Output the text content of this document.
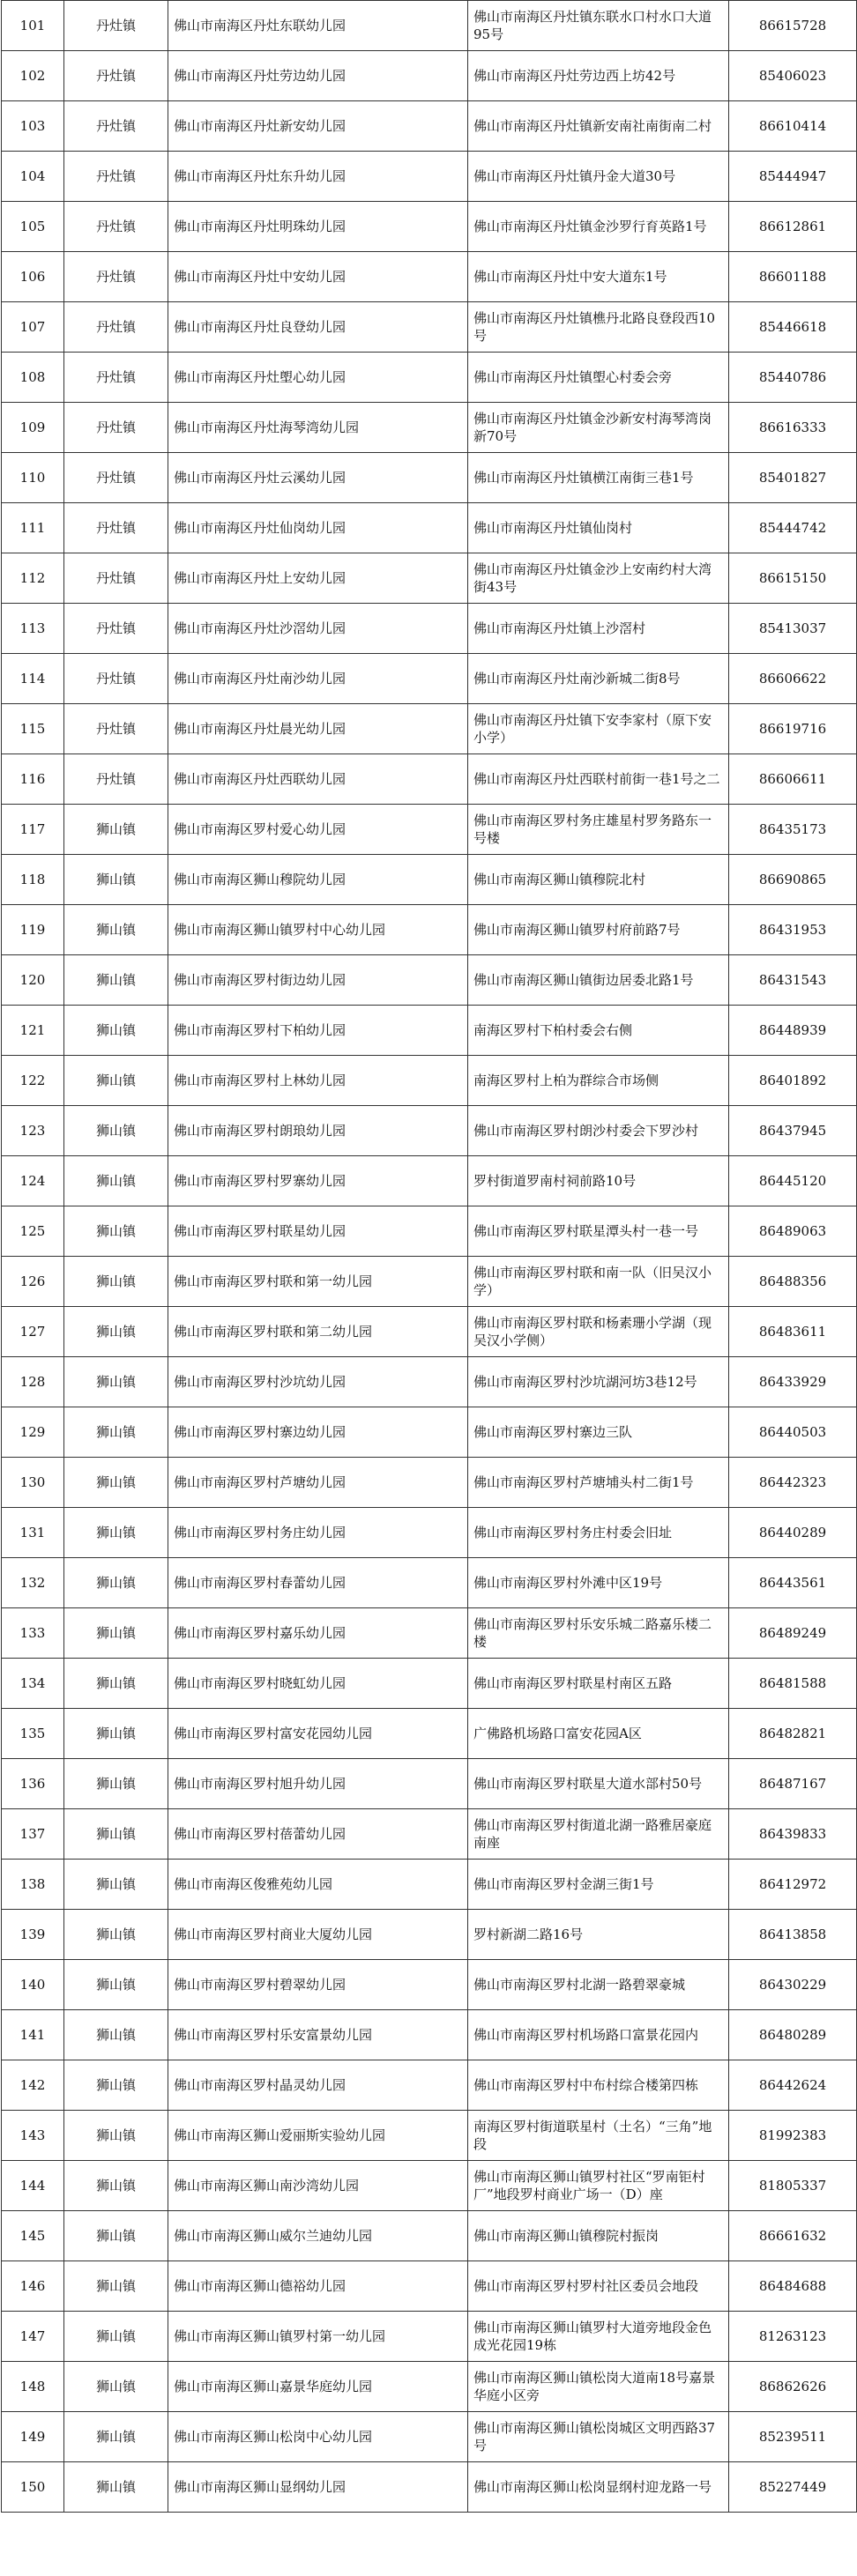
101	丹灶镇	佛山市南海区丹灶东联幼儿园	佛山市南海区丹灶镇东联水口村水口大道95号	86615728
102	丹灶镇	佛山市南海区丹灶劳边幼儿园	佛山市南海区丹灶劳边西上坊42号	85406023
103	丹灶镇	佛山市南海区丹灶新安幼儿园	佛山市南海区丹灶镇新安南社南街南二村	86610414
104	丹灶镇	佛山市南海区丹灶东升幼儿园	佛山市南海区丹灶镇丹金大道30号	85444947
105	丹灶镇	佛山市南海区丹灶明珠幼儿园	佛山市南海区丹灶镇金沙罗行育英路1号	86612861
106	丹灶镇	佛山市南海区丹灶中安幼儿园	佛山市南海区丹灶中安大道东1号	86601188
107	丹灶镇	佛山市南海区丹灶良登幼儿园	佛山市南海区丹灶镇樵丹北路良登段西10号	85446618
108	丹灶镇	佛山市南海区丹灶塱心幼儿园	佛山市南海区丹灶镇塱心村委会旁	85440786
109	丹灶镇	佛山市南海区丹灶海琴湾幼儿园	佛山市南海区丹灶镇金沙新安村海琴湾岗新70号	86616333
110	丹灶镇	佛山市南海区丹灶云溪幼儿园	佛山市南海区丹灶镇横江南街三巷1号	85401827
111	丹灶镇	佛山市南海区丹灶仙岗幼儿园	佛山市南海区丹灶镇仙岗村	85444742
112	丹灶镇	佛山市南海区丹灶上安幼儿园	佛山市南海区丹灶镇金沙上安南约村大湾街43号	86615150
113	丹灶镇	佛山市南海区丹灶沙滘幼儿园	佛山市南海区丹灶镇上沙滘村	85413037
114	丹灶镇	佛山市南海区丹灶南沙幼儿园	佛山市南海区丹灶南沙新城二街8号	86606622
115	丹灶镇	佛山市南海区丹灶晨光幼儿园	佛山市南海区丹灶镇下安李家村（原下安小学）	86619716
116	丹灶镇	佛山市南海区丹灶西联幼儿园	佛山市南海区丹灶西联村前街一巷1号之二	86606611
117	狮山镇	佛山市南海区罗村爱心幼儿园	佛山市南海区罗村务庄雄星村罗务路东一号楼	86435173
118	狮山镇	佛山市南海区狮山穆院幼儿园	佛山市南海区狮山镇穆院北村	86690865
119	狮山镇	佛山市南海区狮山镇罗村中心幼儿园	佛山市南海区狮山镇罗村府前路7号	86431953
120	狮山镇	佛山市南海区罗村街边幼儿园	佛山市南海区狮山镇街边居委北路1号	86431543
121	狮山镇	佛山市南海区罗村下柏幼儿园	南海区罗村下柏村委会右侧	86448939
122	狮山镇	佛山市南海区罗村上林幼儿园	南海区罗村上柏为群综合市场侧	86401892
123	狮山镇	佛山市南海区罗村朗琅幼儿园	佛山市南海区罗村朗沙村委会下罗沙村	86437945
124	狮山镇	佛山市南海区罗村罗寨幼儿园	罗村街道罗南村祠前路10号	86445120
125	狮山镇	佛山市南海区罗村联星幼儿园	佛山市南海区罗村联星潭头村一巷一号	86489063
126	狮山镇	佛山市南海区罗村联和第一幼儿园	佛山市南海区罗村联和南一队（旧吴汉小学）	86488356
127	狮山镇	佛山市南海区罗村联和第二幼儿园	佛山市南海区罗村联和杨素珊小学湖（现吴汉小学侧）	86483611
128	狮山镇	佛山市南海区罗村沙坑幼儿园	佛山市南海区罗村沙坑湖河坊3巷12号	86433929
129	狮山镇	佛山市南海区罗村寨边幼儿园	佛山市南海区罗村寨边三队	86440503
130	狮山镇	佛山市南海区罗村芦塘幼儿园	佛山市南海区罗村芦塘埔头村二街1号	86442323
131	狮山镇	佛山市南海区罗村务庄幼儿园	佛山市南海区罗村务庄村委会旧址	86440289
132	狮山镇	佛山市南海区罗村春蕾幼儿园	佛山市南海区罗村外滩中区19号	86443561
133	狮山镇	佛山市南海区罗村嘉乐幼儿园	佛山市南海区罗村乐安乐城二路嘉乐楼二楼	86489249
134	狮山镇	佛山市南海区罗村晓虹幼儿园	佛山市南海区罗村联星村南区五路	86481588
135	狮山镇	佛山市南海区罗村富安花园幼儿园	广佛路机场路口富安花园A区	86482821
136	狮山镇	佛山市南海区罗村旭升幼儿园	佛山市南海区罗村联星大道水部村50号	86487167
137	狮山镇	佛山市南海区罗村蓓蕾幼儿园	佛山市南海区罗村街道北湖一路雅居豪庭南座	86439833
138	狮山镇	佛山市南海区俊雅苑幼儿园	佛山市南海区罗村金湖三街1号	86412972
139	狮山镇	佛山市南海区罗村商业大厦幼儿园	罗村新湖二路16号	86413858
140	狮山镇	佛山市南海区罗村碧翠幼儿园	佛山市南海区罗村北湖一路碧翠豪城	86430229
141	狮山镇	佛山市南海区罗村乐安富景幼儿园	佛山市南海区罗村机场路口富景花园内	86480289
142	狮山镇	佛山市南海区罗村晶灵幼儿园	佛山市南海区罗村中布村综合楼第四栋	86442624
143	狮山镇	佛山市南海区狮山爱丽斯实验幼儿园	南海区罗村街道联星村（土名）“三角”地段	81992383
144	狮山镇	佛山市南海区狮山南沙湾幼儿园	佛山市南海区狮山镇罗村社区“罗南钜村厂”地段罗村商业广场一（D）座	81805337
145	狮山镇	佛山市南海区狮山威尔兰迪幼儿园	佛山市南海区狮山镇穆院村振岗	86661632
146	狮山镇	佛山市南海区狮山德裕幼儿园	佛山市南海区罗村罗村社区委员会地段	86484688
147	狮山镇	佛山市南海区狮山镇罗村第一幼儿园	佛山市南海区狮山镇罗村大道旁地段金色成光花园19栋	81263123
148	狮山镇	佛山市南海区狮山嘉景华庭幼儿园	佛山市南海区狮山镇松岗大道南18号嘉景华庭小区旁	86862626
149	狮山镇	佛山市南海区狮山松岗中心幼儿园	佛山市南海区狮山镇松岗城区文明西路37号	85239511
150	狮山镇	佛山市南海区狮山显纲幼儿园	佛山市南海区狮山松岗显纲村迎龙路一号	85227449
